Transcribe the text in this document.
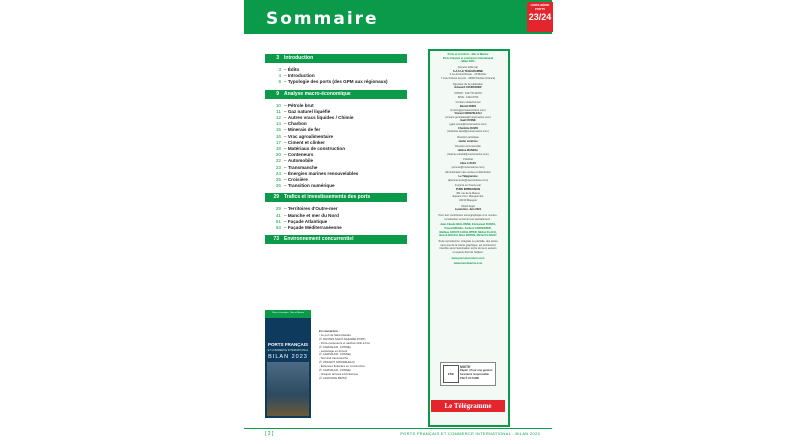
Sommaire
HORS-SÉRIE PORTS
23/24
3 Introduction
3 – Édito
4 – Introduction
6 – Typologie des ports (des GPM aux régionaux)
9 Analyse macro-économique
10 – Pétrole brut
11 – Gaz naturel liquéfié
12 – Autres vracs liquides / Chimie
14 – Charbon
15 – Minerais de fer
16 – Vrac agroalimentaire
17 – Ciment et clinker
18 – Matériaux de construction
20 – Conteneurs
22 – Automobile
23 – Transmanche
24 – Énergies marines renouvelables
25 – Croisière
26 – Transition numérique
29 Trafics et investissements des ports
29 – Territoires d'Outre-mer
41 – Manche et mer du Nord
51 – Façade Atlantique
63 – Façade Méditerranéenne
73 Environnement concurrentiel
PORTS FRANÇAIS
ET COMMERCE INTERNATIONAL
BILAN 2023
Ports et corridors · Mer et Marine
En couverture :
- Le port de Saint-Nazaire
(© NANTES SAINT-NAZAIRE PORT)
- Porte-conteneurs et navibus GNL à Fos
(© CARNAULD, CONNE)
- Lamanage en Arcueil
(© CARNAULD, CONNE)
- Terminal transmanche
(© VINCENT GROIZELEAU)
- Éoliennes flottantes en construction
(© CARNAULD, CONNE)
- Vraquier arrivant à Dunkerque
(© CAROLINE BRITZ)
Ports et corridors - Mer et Marine
Ports français et commerce international
- Bilan 2023 -
Numéro édité par
S.A.S LE TÉLÉGRAMME
2 rue Ernest Renan - 29 Morlaix
7 voie d'accès au port - 29600 Morlaix (France)
Directeur de la publication
Édouard COUDURIER
CPPAP : 0127 W 92276
ISSN : 2102-6793
Contenu rédactionnel
Benoit DORS
(b.dors@portsetcorridors.com)
Vincent GROIZELEAU
(vincent.groizeleau@meretmarine.com)
Gaël COSNÉ
(gael.cosne@meretmarine.com)
Charlotte DAVID
(charlotte.david@meretmarine.com)
Direction artistique
studio créatrice
Direction commerciale
Hélène MANDAL
(helene.mandal@meretmarine.com)
Publicité
Aline LUCAS
(a.lucas@meretmarine.com)
Administration des ventes et distribution
Le Télégramme
(abonnements@meretmarine.com)
Imprimé en France par
PURE IMPRESSION
451 rue de la Mauve
Espace Com. Mauguio Est
34130 Mauguio
Dépôt légal
A parution, Juin 2024
Pour leur contribution iconographique à ce numéro,
la rédaction remercie tout spécialement :
Jean-Claude BELLONNE, Emmanuel DUNAS,
Pascal MICHEL, Ambrot CARPENTER,
Mathieu GROUT-CHOLLIPPER, Michel FLACH,
Benoit BOACH, Marc BOTON, Michel FLAIGHT
Toute reproduction, intégrale ou partielle, des textes
sans que de la charte graphique, est strictement
interdite sans l'autorisation écrite de leurs auteurs
ou ayants droit de l'éditeur.
www.portsetcorridors.com
www.meretmarine.com
FSC
MIXTE
Papier | Pour une gestion
forestière responsable
FSC® C174480
Le Télégramme
[ 2 ]	PORTS FRANÇAIS ET COMMERCE INTERNATIONAL - BILAN 2023
